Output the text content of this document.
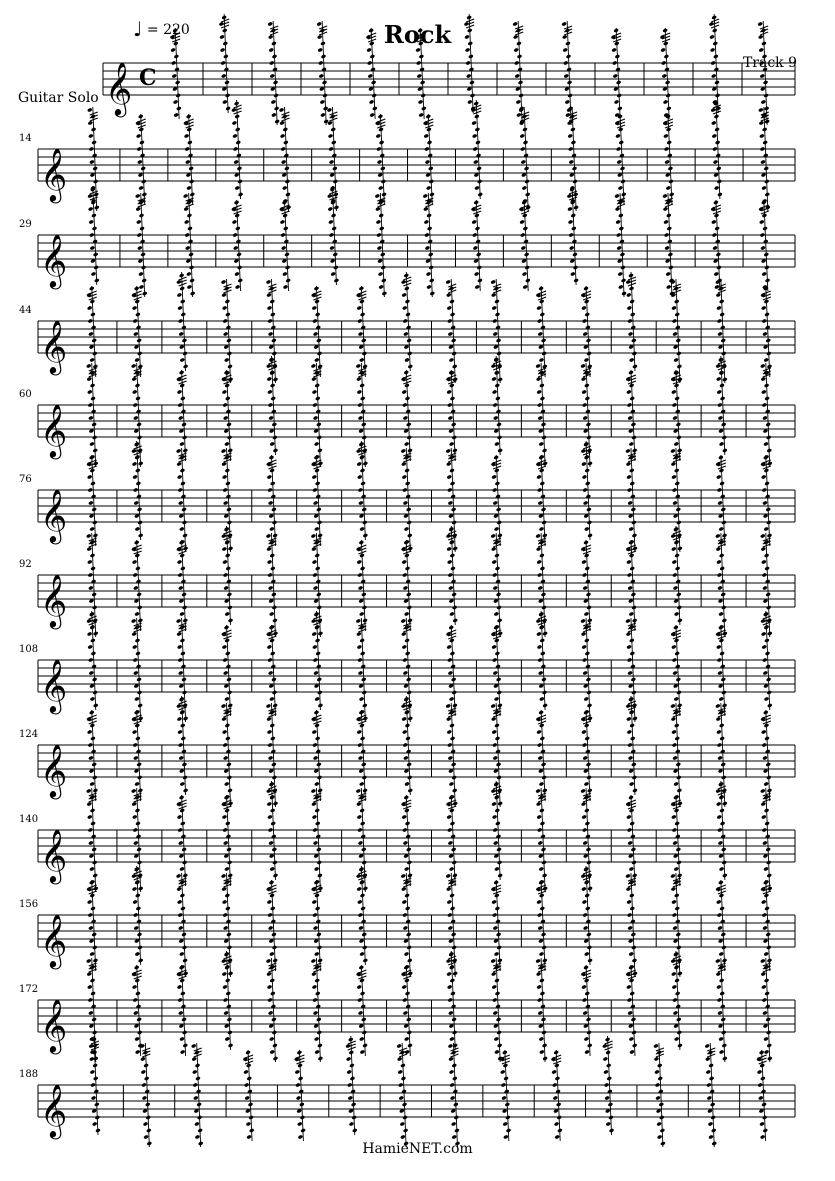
𝄞 C
𝄞
𝄞
𝄞
𝄞
𝄞
𝄞
𝄞
𝄞
𝄞
𝄞
𝄞
𝄞
♩ = 220	Rock
Track 9
Guitar Solo
HamieNET.com
14
29
44
60
76
92
108
124
140
156
172
188
